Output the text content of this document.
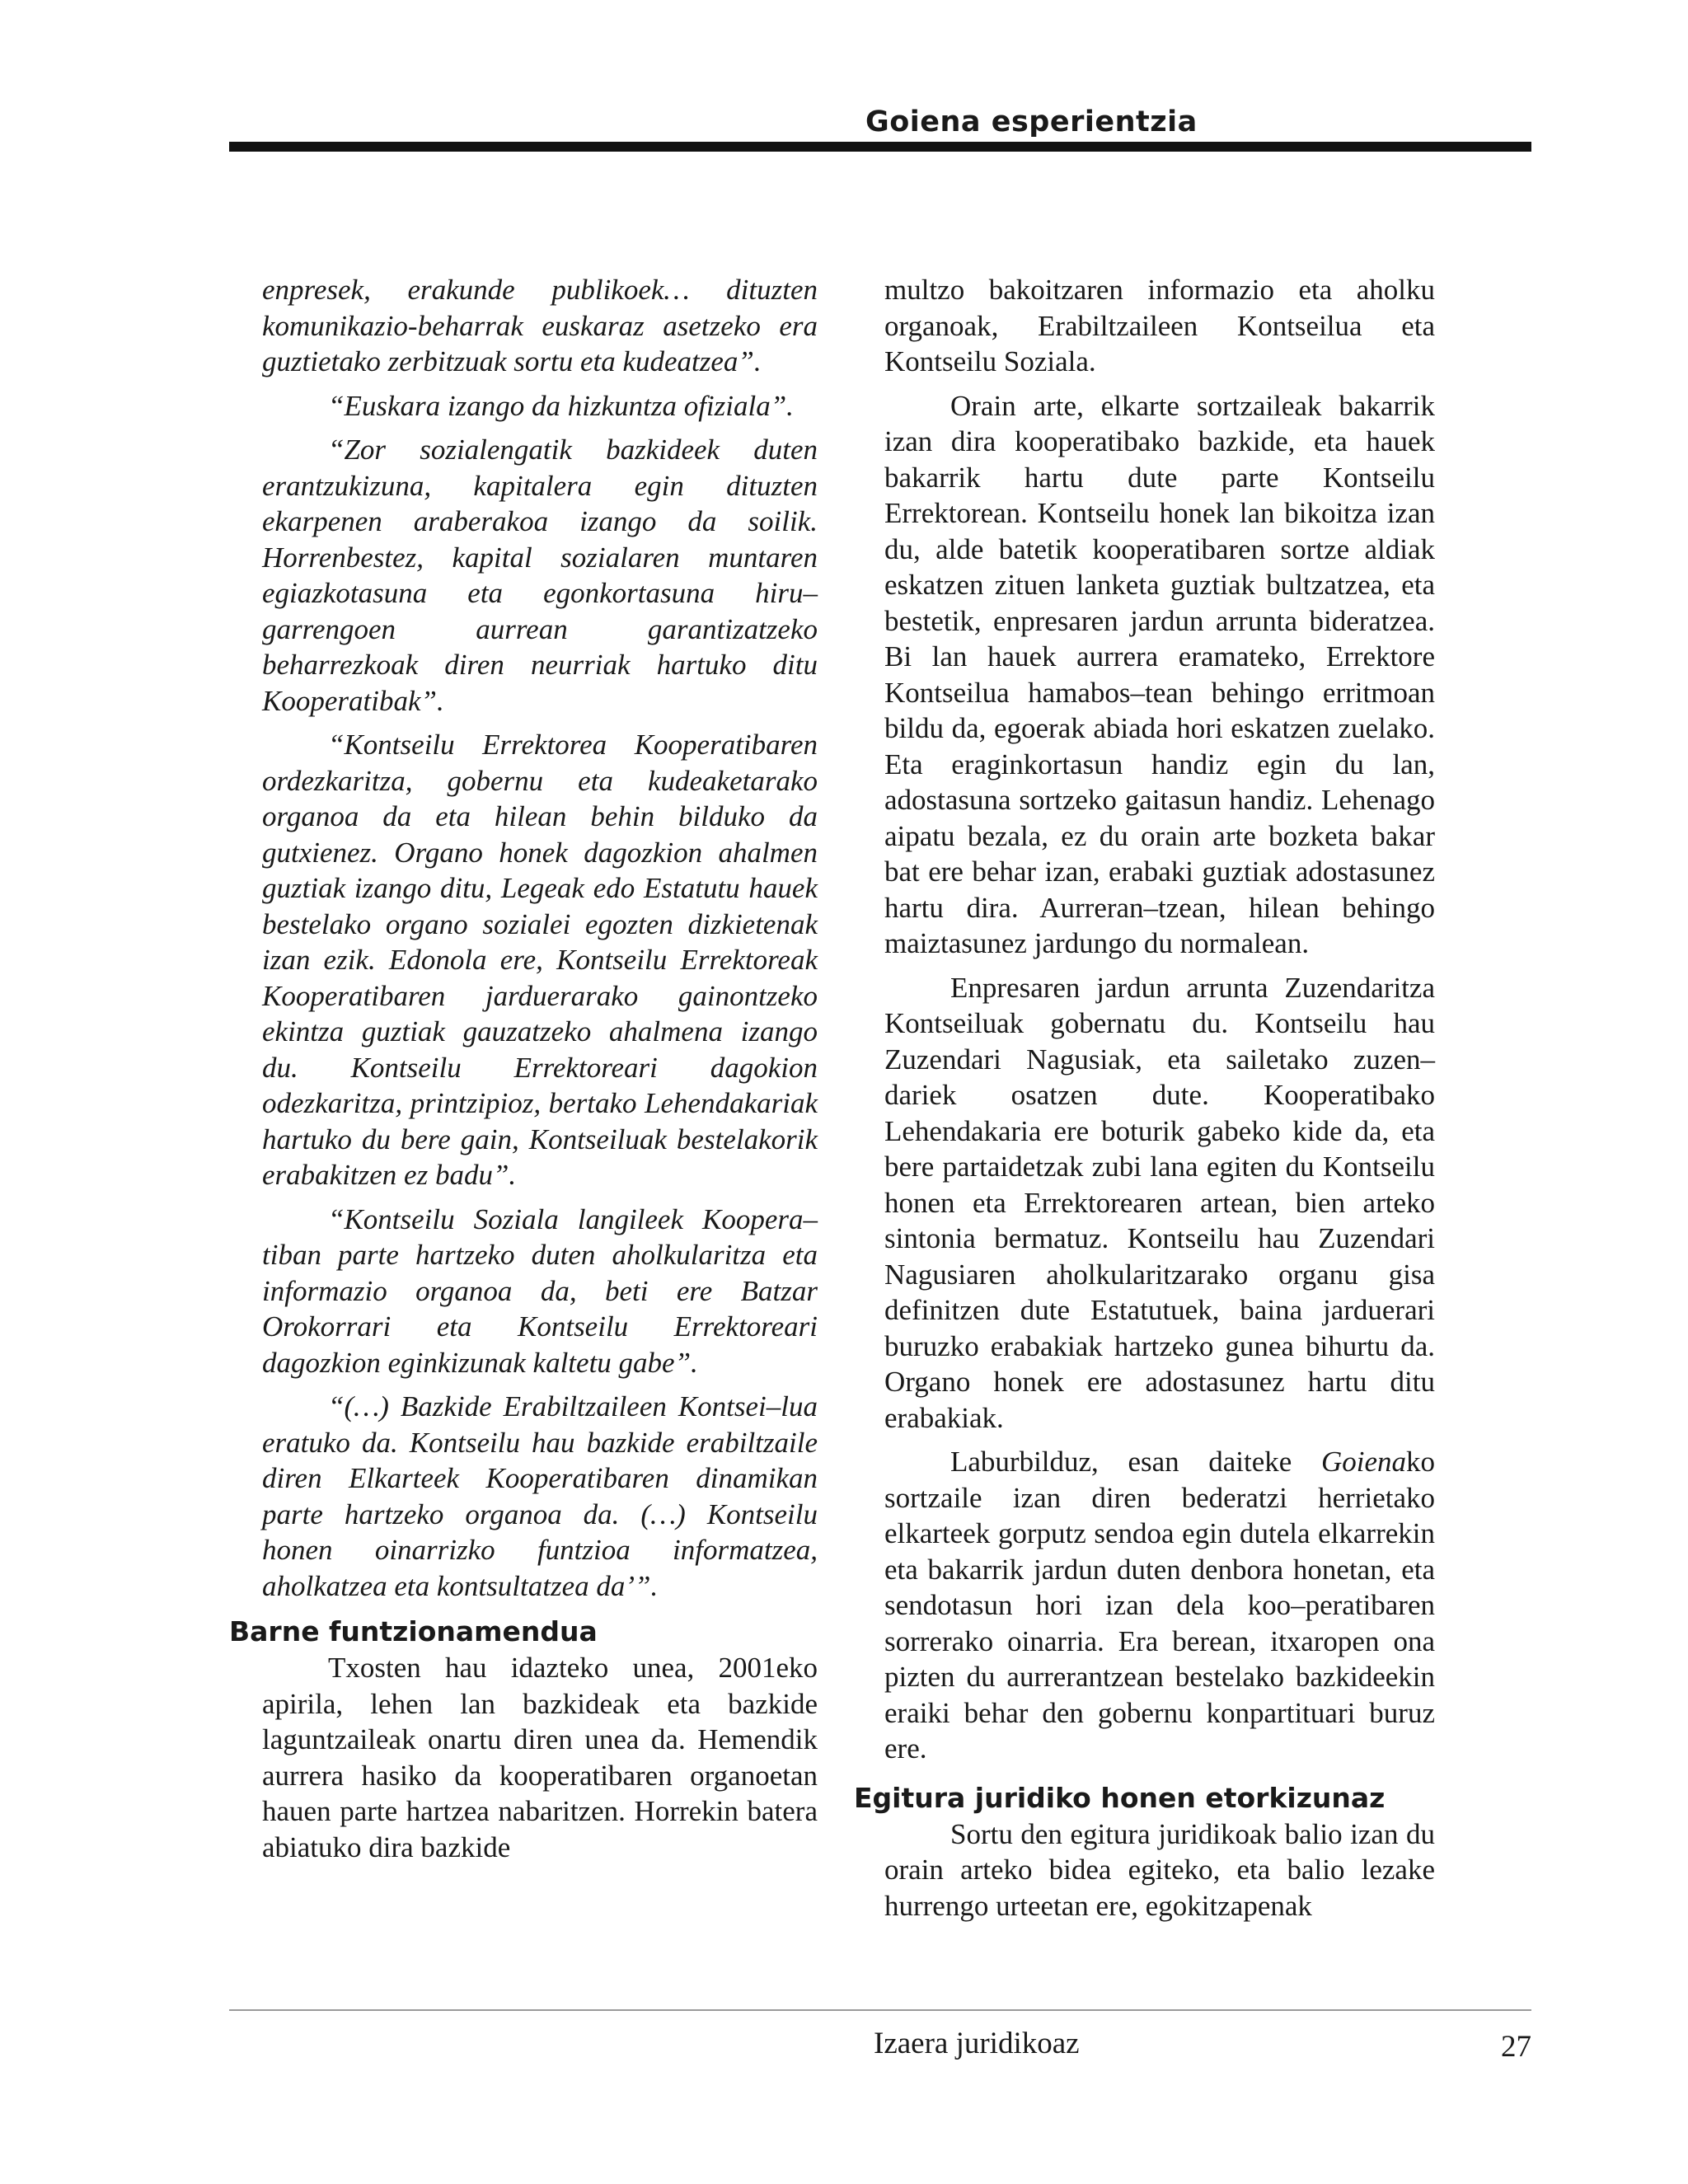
Goiena esperientzia

enpresek, erakunde publikoek… dituzten komunikazio-beharrak euskaraz asetzeko era guztietako zerbitzuak sortu eta kudeatzea”.

“Euskara izango da hizkuntza ofiziala”.

“Zor sozialengatik bazkideek duten erantzukizuna, kapitalera egin dituzten ekarpenen araberakoa izango da soilik. Horrenbestez, kapital sozialaren muntaren egiazkotasuna eta egonkortasuna hiru–garrengoen aurrean garantizatzeko beharrezkoak diren neurriak hartuko ditu Kooperatibak”.

“Kontseilu Errektorea Kooperatibaren ordezkaritza, gobernu eta kudeaketarako organoa da eta hilean behin bilduko da gutxienez. Organo honek dagozkion ahalmen guztiak izango ditu, Legeak edo Estatutu hauek bestelako organo sozialei egozten dizkietenak izan ezik. Edonola ere, Kontseilu Errektoreak Kooperatibaren jarduerarako gainontzeko ekintza guztiak gauzatzeko ahalmena izango du. Kontseilu Errektoreari dagokion odezkaritza, printzipioz, bertako Lehendakariak hartuko du bere gain, Kontseiluak bestelakorik erabakitzen ez badu”.

“Kontseilu Soziala langileek Koopera–tiban parte hartzeko duten aholkularitza eta informazio organoa da, beti ere Batzar Orokorrari eta Kontseilu Errektoreari dagozkion eginkizunak kaltetu gabe”.

“(…) Bazkide Erabiltzaileen Kontsei–lua eratuko da. Kontseilu hau bazkide erabiltzaile diren Elkarteek Kooperatibaren dinamikan parte hartzeko organoa da. (…) Kontseilu honen oinarrizko funtzioa informatzea, aholkatzea eta kontsultatzea da’”.

Barne funtzionamendua

Txosten hau idazteko unea, 2001eko apirila, lehen lan bazkideak eta bazkide laguntzaileak onartu diren unea da. Hemendik aurrera hasiko da kooperatibaren organoetan hauen parte hartzea nabaritzen. Horrekin batera abiatuko dira bazkide

multzo bakoitzaren informazio eta aholku organoak, Erabiltzaileen Kontseilua eta Kontseilu Soziala.

Orain arte, elkarte sortzaileak bakarrik izan dira kooperatibako bazkide, eta hauek bakarrik hartu dute parte Kontseilu Errektorean. Kontseilu honek lan bikoitza izan du, alde batetik kooperatibaren sortze aldiak eskatzen zituen lanketa guztiak bultzatzea, eta bestetik, enpresaren jardun arrunta bideratzea. Bi lan hauek aurrera eramateko, Errektore Kontseilua hamabos–tean behingo erritmoan bildu da, egoerak abiada hori eskatzen zuelako. Eta eraginkortasun handiz egin du lan, adostasuna sortzeko gaitasun handiz. Lehenago aipatu bezala, ez du orain arte bozketa bakar bat ere behar izan, erabaki guztiak adostasunez hartu dira. Aurreran–tzean, hilean behingo maiztasunez jardungo du normalean.

Enpresaren jardun arrunta Zuzendaritza Kontseiluak gobernatu du. Kontseilu hau Zuzendari Nagusiak, eta sailetako zuzen–dariek osatzen dute. Kooperatibako Lehendakaria ere boturik gabeko kide da, eta bere partaidetzak zubi lana egiten du Kontseilu honen eta Errektorearen artean, bien arteko sintonia bermatuz. Kontseilu hau Zuzendari Nagusiaren aholkularitzarako organu gisa definitzen dute Estatutuek, baina jarduerari buruzko erabakiak hartzeko gunea bihurtu da. Organo honek ere adostasunez hartu ditu erabakiak.

Laburbilduz, esan daiteke Goienako sortzaile izan diren bederatzi herrietako elkarteek gorputz sendoa egin dutela elkarrekin eta bakarrik jardun duten denbora honetan, eta sendotasun hori izan dela koo–peratibaren sorrerako oinarria. Era berean, itxaropen ona pizten du aurrerantzean bestelako bazkideekin eraiki behar den gobernu konpartituari buruz ere.

Egitura juridiko honen etorkizunaz

Sortu den egitura juridikoak balio izan du orain arteko bidea egiteko, eta balio lezake hurrengo urteetan ere, egokitzapenak

Izaera juridikoaz	27
